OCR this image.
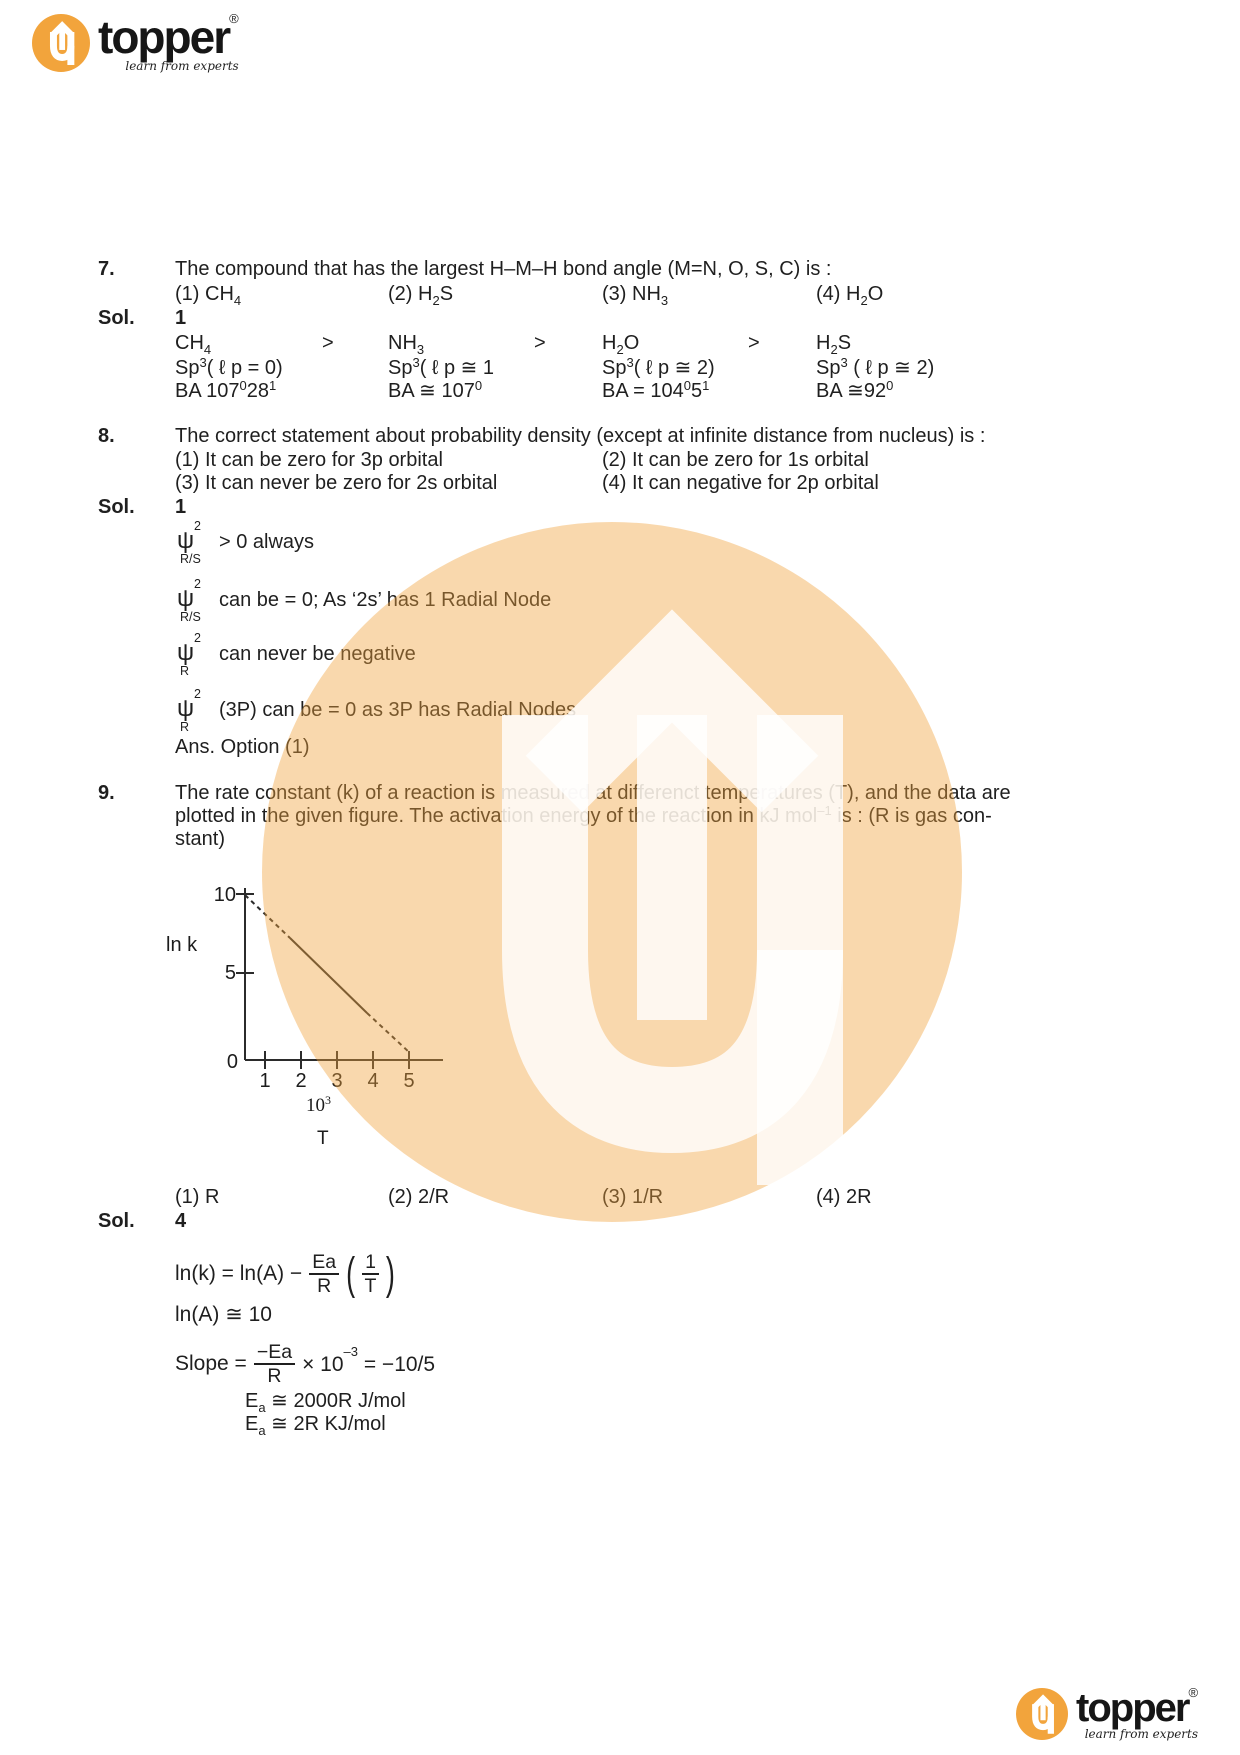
topper®
learn from experts
7.	The compound that has the largest H–M–H bond angle (M=N, O, S, C) is :
(1) $CH_4$	(2) $H_2S$	(3) $NH_3$	(4) $H_2O$
Sol. 1
$CH_4$	>	$NH_3$	>	$H_2O$	>	$H_2S$
Sp$^3$( ℓ p = 0)	Sp$^3$( ℓ p ≅ 1	Sp$^3$( ℓ p ≅ 2)	Sp$^3$ ( ℓ p ≅ 2)
BA $107^028^1$	BA ≅ $107^0$	BA = $104^05^1$	BA $≅92^0$
8.	The correct statement about probability density (except at infinite distance from nucleus) is :
(1) It can be zero for 3p orbital	(2) It can be zero for 1s orbital
(3) It can never be zero for 2s orbital	(4) It can negative for 2p orbital
Sol. 1
ψ
2
R/S
> 0 always
ψ
2
R/S
can be = 0; As ‘2s’ has 1 Radial Node
ψ
2
R
can never be negative
ψ
2
R
(3P) can be = 0 as 3P has Radial Nodes
Ans. Option (1)
9.	The rate constant (k) of a reaction is measured at differenct temperatures (T), and the data are
plotted in the given figure. The activation energy of the reaction in kJ mol$^{-1}$ is : (R is gas con-
stant)
10
5
0
ln k
1 2 3 4 5
$10^3$
T
(1) R	(2) 2/R	(3) 1/R	(4) 2R
Sol. 4
$\ln(k) = \ln(A) - \frac{Ea}{R}$ ( $\frac{1}{T}$ )
ln(A) ≅ 10
Slope = $\frac{-Ea}{R} \times 10^{-3} = -10/5$
$E_a$ ≅ 2000R J/mol
$E_a$ ≅ 2R KJ/mol
topper®
learn from experts
